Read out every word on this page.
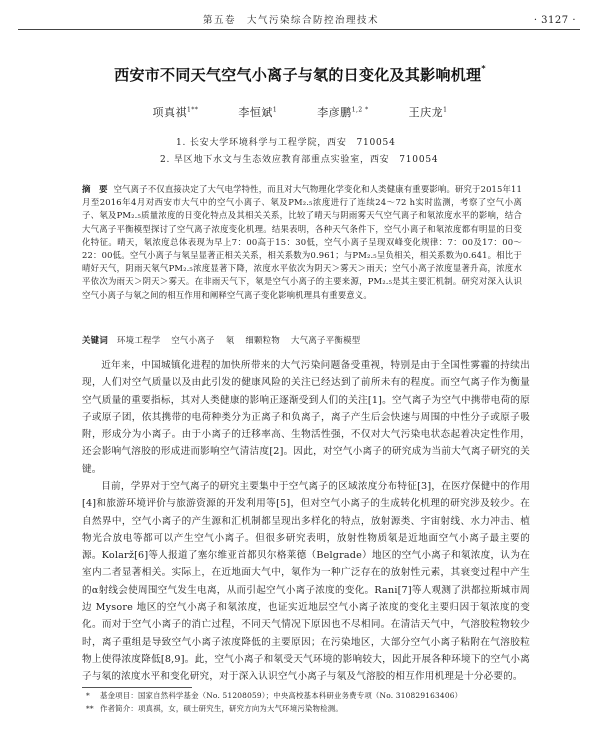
第五卷　大气污染综合防控治理技术	· 3127 ·
西安市不同天气空气小离子与氡的日变化及其影响机理*
项真祺$^{1**}$	李恒斌$^1$	李彦鹏$^{1,2 *}$	王庆龙$^1$
1. 长安大学环境科学与工程学院，西安　710054
2. 旱区地下水文与生态效应教育部重点实验室，西安　710054
摘　要 空气离子不仅直接决定了大气电学特性，而且对大气物理化学变化和人类健康有重要影响。研究于2015年11月至2016年4月对西安市大气中的空气小离子、氡及PM₂.₅浓度进行了连续24～72 h实时监测，考察了空气小离子、氡及PM₂.₅质量浓度的日变化特点及其相关关系，比较了晴天与阴雨雾天气空气离子和氡浓度水平的影响，结合大气离子平衡模型探讨了空气离子浓度变化机理。结果表明，各种天气条件下，空气小离子和氡浓度都有明显的日变化特征。晴天，氡浓度总体表现为早上7：00高于15：30低，空气小离子呈现双峰变化规律：7：00及17：00～22：00低。空气小离子与氡呈显著正相关关系，相关系数为0.961；与PM₂.₅呈负相关，相关系数为0.641。相比于晴好天气，阴雨天氡气PM₂.₅浓度显著下降，浓度水平依次为阴天＞雾天＞雨天；空气小离子浓度显著升高，浓度水平依次为雨天＞阴天＞雾天。在非雨天气下，氡是空气小离子的主要来源，PM₂.₅是其主要汇机制。研究对深入认识空气小离子与氡之间的相互作用和阐释空气离子变化影响机理具有重要意义。
关键词 环境工程学 空气小离子 氡 细颗粒物 大气离子平衡模型

近年来，中国城镇化进程的加快所带来的大气污染问题备受重视，特别是由于全国性雾霾的持续出现，人们对空气质量以及由此引发的健康风险的关注已经达到了前所未有的程度。而空气离子作为衡量空气质量的重要指标，其对人类健康的影响正逐渐受到人们的关注[1]。空气离子为空气中携带电荷的原子或原子团，依其携带的电荷种类分为正离子和负离子，离子产生后会快速与周围的中性分子或原子吸附，形成分为小离子。由于小离子的迁移率高、生物活性强，不仅对大气污染电状态起着决定性作用，还会影响气溶胶的形成进而影响空气清洁度[2]。因此，对空气小离子的研究成为当前大气离子研究的关键。

目前，学界对于空气离子的研究主要集中于空气离子的区域浓度分布特征[3]，在医疗保健中的作用[4]和旅游环境评价与旅游资源的开发利用等[5]，但对空气小离子的生成转化机理的研究涉及较少。在自然界中，空气小离子的产生源和汇机制都呈现出多样化的特点，放射源类、宇宙射线、水力冲击、植物光合放电等都可以产生空气小离子。但很多研究表明，放射性物质氡是近地面空气小离子最主要的源。Kolarž[6]等人报道了塞尔维亚首都贝尔格莱德（Belgrade）地区的空气小离子和氡浓度，认为在室内二者显著相关。实际上，在近地面大气中，氡作为一种广泛存在的放射性元素，其衰变过程中产生的α射线会使周围空气发生电离，从而引起空气小离子浓度的变化。Rani[7]等人观测了洪都拉斯城市周边 Mysore 地区的空气小离子和氡浓度，也证实近地层空气小离子浓度的变化主要归因于氡浓度的变化。而对于空气小离子的消亡过程，不同天气情况下原因也不尽相同。在清洁天气中，气溶胶粒物较少时，离子重组是导致空气小离子浓度降低的主要原因；在污染地区，大部分空气小离子粘附在气溶胶粒物上使得浓度降低[8,9]。此，空气小离子和氡受天气环境的影响较大，因此开展各种环境下的空气小离子与氡的浓度水平和变化研究，对于深入认识空气小离子与氡及气溶胶的相互作用机理是十分必要的。

*	基金项目：国家自然科学基金（No. 51208059）；中央高校基本科研业务费专项（No. 310829163406）
** 作者简介：项真祺，女，硕士研究生，研究方向为大气环境污染物检测。
